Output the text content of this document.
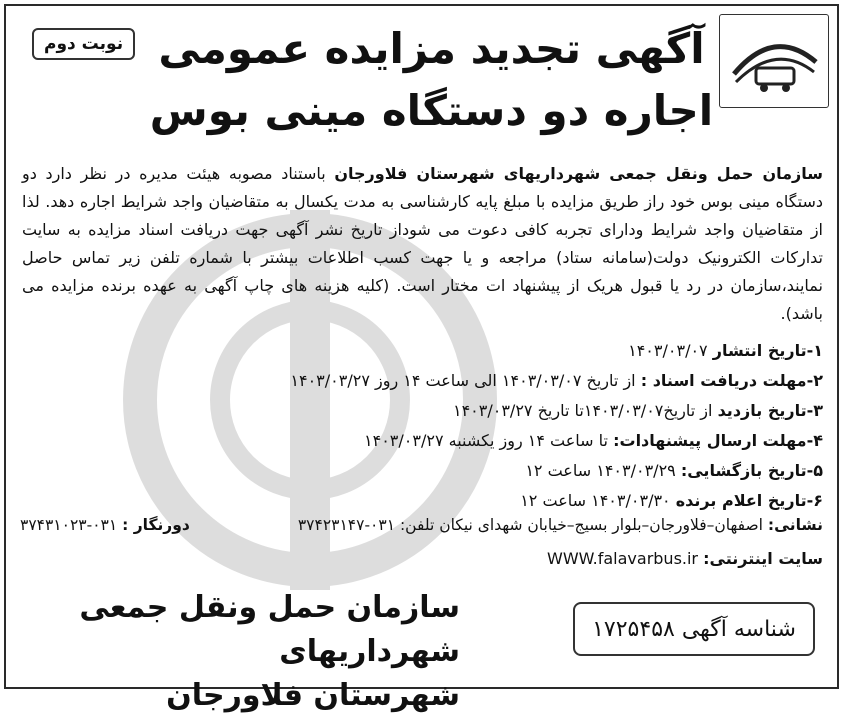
نوبت دوم آگهی تجدید مزایده عمومی
اجاره دو دستگاه مینی بوس

سازمان حمل ونقل جمعی شهرداریهای شهرستان فلاورجان باستناد مصوبه هیئت مدیره در نظر دارد دو دستگاه مینی بوس خود راز طریق مزایده با مبلغ پایه کارشناسی به مدت یکسال به متقاضیان واجد شرایط اجاره دهد. لذا از متقاضیان واجد شرایط ودارای تجربه کافی دعوت می شوداز تاریخ نشر آگهی جهت دریافت اسناد مزایده به سایت تدارکات الکترونیک دولت(سامانه ستاد) مراجعه و یا جهت کسب اطلاعات بیشتر با شماره تلفن زیر تماس حاصل نمایند،سازمان در رد یا قبول هریک از پیشنهاد ات مختار است. (کلیه هزینه های چاپ آگهی به عهده برنده مزایده می باشد).

۱-تاریخ انتشار ۱۴۰۳/۰۳/۰۷
۲-مهلت دریافت اسناد : از تاریخ ۱۴۰۳/۰۳/۰۷ الی ساعت ۱۴ روز ۱۴۰۳/۰۳/۲۷
۳-تاریخ بازدید از تاریخ۱۴۰۳/۰۳/۰۷تا تاریخ ۱۴۰۳/۰۳/۲۷
۴-مهلت ارسال پیشنهادات: تا ساعت ۱۴ روز یکشنبه ۱۴۰۳/۰۳/۲۷
۵-تاریخ بازگشایی: ۱۴۰۳/۰۳/۲۹ ساعت ۱۲
۶-تاریخ اعلام برنده ۱۴۰۳/۰۳/۳۰ ساعت ۱۲
نشانی: اصفهان–فلاورجان–بلوار بسیج–خیابان شهدای نیکان تلفن: ۰۳۱-۳۷۴۲۳۱۴۷
دورنگار : ۰۳۱-۳۷۴۳۱۰۲۳
سایت اینترنتی: WWW.falavarbus.ir
سازمان حمل ونقل جمعی شهرداریهای
شهرستان فلاورجان
شناسه آگهی ۱۷۲۵۴۵۸
